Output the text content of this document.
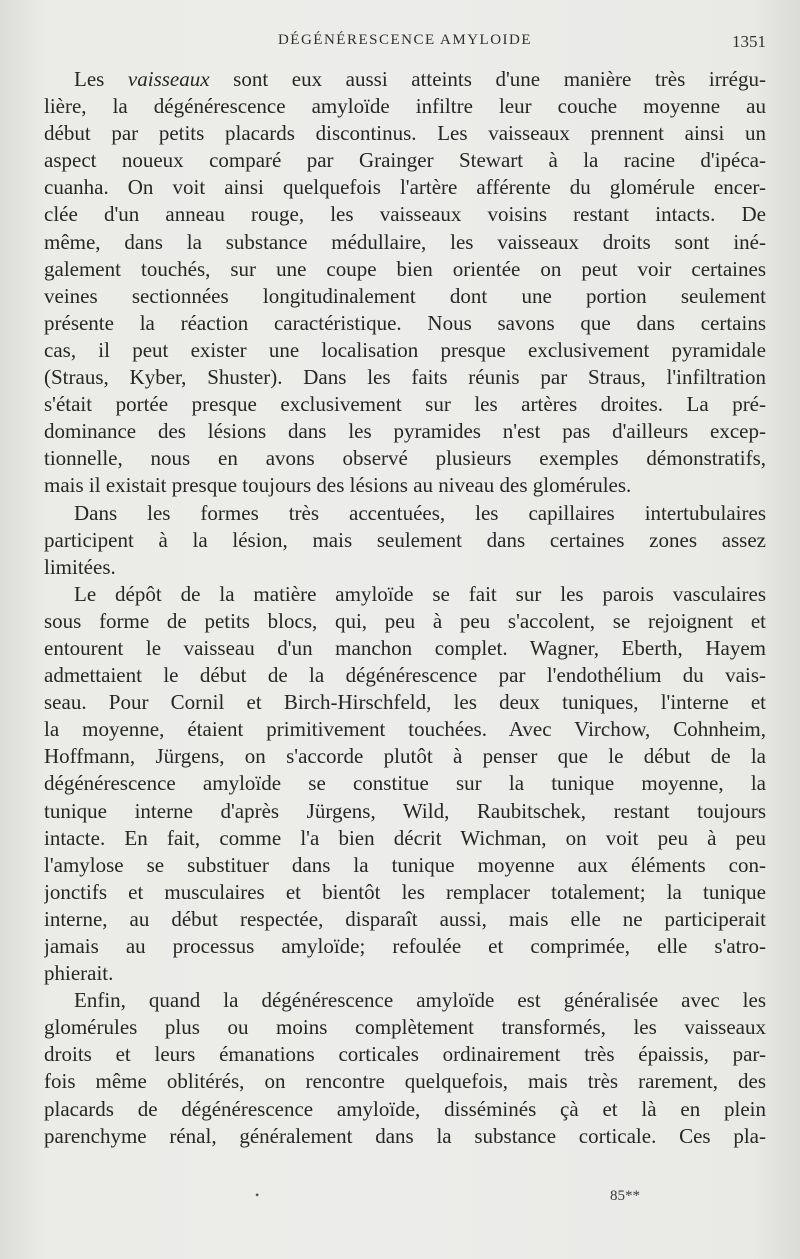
DÉGÉNÉRESCENCE AMYLOIDE	1351
Les vaisseaux sont eux aussi atteints d'une manière très irrégu-
lière, la dégénérescence amyloïde infiltre leur couche moyenne au
début par petits placards discontinus. Les vaisseaux prennent ainsi un
aspect noueux comparé par Grainger Stewart à la racine d'ipéca-
cuanha. On voit ainsi quelquefois l'artère afférente du glomérule encer-
clée d'un anneau rouge, les vaisseaux voisins restant intacts. De
même, dans la substance médullaire, les vaisseaux droits sont iné-
galement touchés, sur une coupe bien orientée on peut voir certaines
veines sectionnées longitudinalement dont une portion seulement
présente la réaction caractéristique. Nous savons que dans certains
cas, il peut exister une localisation presque exclusivement pyramidale
(Straus, Kyber, Shuster). Dans les faits réunis par Straus, l'infiltration
s'était portée presque exclusivement sur les artères droites. La pré-
dominance des lésions dans les pyramides n'est pas d'ailleurs excep-
tionnelle, nous en avons observé plusieurs exemples démonstratifs,
mais il existait presque toujours des lésions au niveau des glomérules.
Dans les formes très accentuées, les capillaires intertubulaires
participent à la lésion, mais seulement dans certaines zones assez
limitées.
Le dépôt de la matière amyloïde se fait sur les parois vasculaires
sous forme de petits blocs, qui, peu à peu s'accolent, se rejoignent et
entourent le vaisseau d'un manchon complet. Wagner, Eberth, Hayem
admettaient le début de la dégénérescence par l'endothélium du vais-
seau. Pour Cornil et Birch-Hirschfeld, les deux tuniques, l'interne et
la moyenne, étaient primitivement touchées. Avec Virchow, Cohnheim,
Hoffmann, Jürgens, on s'accorde plutôt à penser que le début de la
dégénérescence amyloïde se constitue sur la tunique moyenne, la
tunique interne d'après Jürgens, Wild, Raubitschek, restant toujours
intacte. En fait, comme l'a bien décrit Wichman, on voit peu à peu
l'amylose se substituer dans la tunique moyenne aux éléments con-
jonctifs et musculaires et bientôt les remplacer totalement; la tunique
interne, au début respectée, disparaît aussi, mais elle ne participerait
jamais au processus amyloïde; refoulée et comprimée, elle s'atro-
phierait.
Enfin, quand la dégénérescence amyloïde est généralisée avec les
glomérules plus ou moins complètement transformés, les vaisseaux
droits et leurs émanations corticales ordinairement très épaissis, par-
fois même oblitérés, on rencontre quelquefois, mais très rarement, des
placards de dégénérescence amyloïde, disséminés çà et là en plein
parenchyme rénal, généralement dans la substance corticale. Ces pla-
•	85**
